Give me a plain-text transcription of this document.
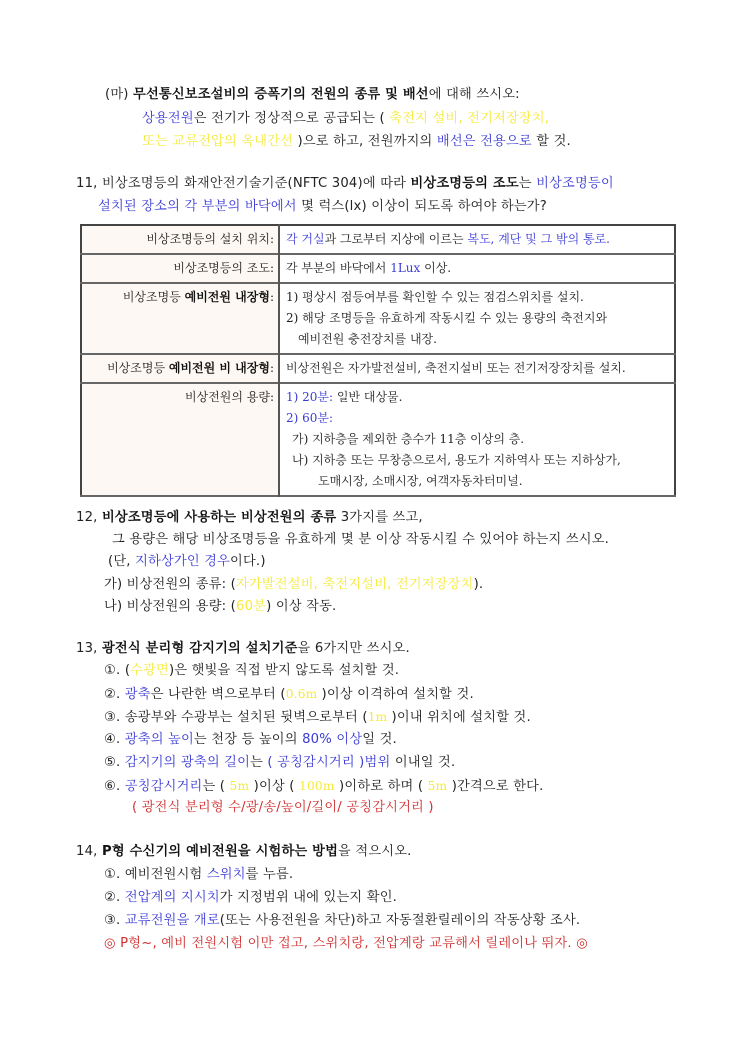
(마) 무선통신보조설비의 증폭기의 전원의 종류 및 배선에 대해 쓰시오:
상용전원은 전기가 정상적으로 공급되는 ( 축전지 설비, 전기저장장치,
또는 교류전압의 옥내간선 )으로 하고, 전원까지의 배선은 전용으로 할 것.
11, 비상조명등의 화재안전기술기준(NFTC 304)에 따라 비상조명등의 조도는 비상조명등이
설치된 장소의 각 부분의 바닥에서 몇 럭스(lx) 이상이 되도록 하여야 하는가?
비상조명등의 설치 위치:	각 거실과 그로부터 지상에 이르는 복도, 계단 및 그 밖의 통로.
비상조명등의 조도:	각 부분의 바닥에서 1Lux 이상.
비상조명등 예비전원 내장형:	1) 평상시 점등여부를 확인할 수 있는 점검스위치를 설치.
2) 해당 조명등을 유효하게 작동시킬 수 있는 용량의 축전지와
예비전원 충전장치를 내장.

비상조명등 예비전원 비 내장형:	비상전원은 자가발전설비, 축전지설비 또는 전기저장장치를 설치.
비상전원의 용량:	1) 20분: 일반 대상물.
2) 60분:
가) 지하층을 제외한 층수가 11층 이상의 층.
나) 지하층 또는 무창층으로서, 용도가 지하역사 또는 지하상가,
도매시장, 소매시장, 여객자동차터미널.
12, 비상조명등에 사용하는 비상전원의 종류 3가지를 쓰고,
그 용량은 해당 비상조명등을 유효하게 몇 분 이상 작동시킬 수 있어야 하는지 쓰시오.
(단, 지하상가인 경우이다.)
가) 비상전원의 종류: (자가발전설비, 축전지설비, 전기저장장치).
나) 비상전원의 용량: (60분) 이상 작동.
13, 광전식 분리형 감지기의 설치기준을 6가지만 쓰시오.
①. (수광면)은 햇빛을 직접 받지 않도록 설치할 것.
②. 광축은 나란한 벽으로부터 (0.6m )이상 이격하여 설치할 것.
③. 송광부와 수광부는 설치된 뒷벽으로부터 (1m )이내 위치에 설치할 것.
④. 광축의 높이는 천장 등 높이의 80% 이상일 것.
⑤. 감지기의 광축의 길이는 ( 공칭감시거리 )범위 이내일 것.
⑥. 공칭감시거리는 ( 5m )이상 ( 100m )이하로 하며 ( 5m )간격으로 한다.
( 광전식 분리형 수/광/송/높이/길이/ 공칭감시거리 )
14, P형 수신기의 예비전원을 시험하는 방법을 적으시오.
①. 예비전원시험 스위치를 누름.
②. 전압계의 지시치가 지정범위 내에 있는지 확인.
③. 교류전원을 개로(또는 사용전원을 차단)하고 자동절환릴레이의 작동상황 조사.
◎ P형~, 예비 전원시험 이만 접고, 스위치랑, 전압계랑 교류해서 릴레이나 뛰자. ◎
